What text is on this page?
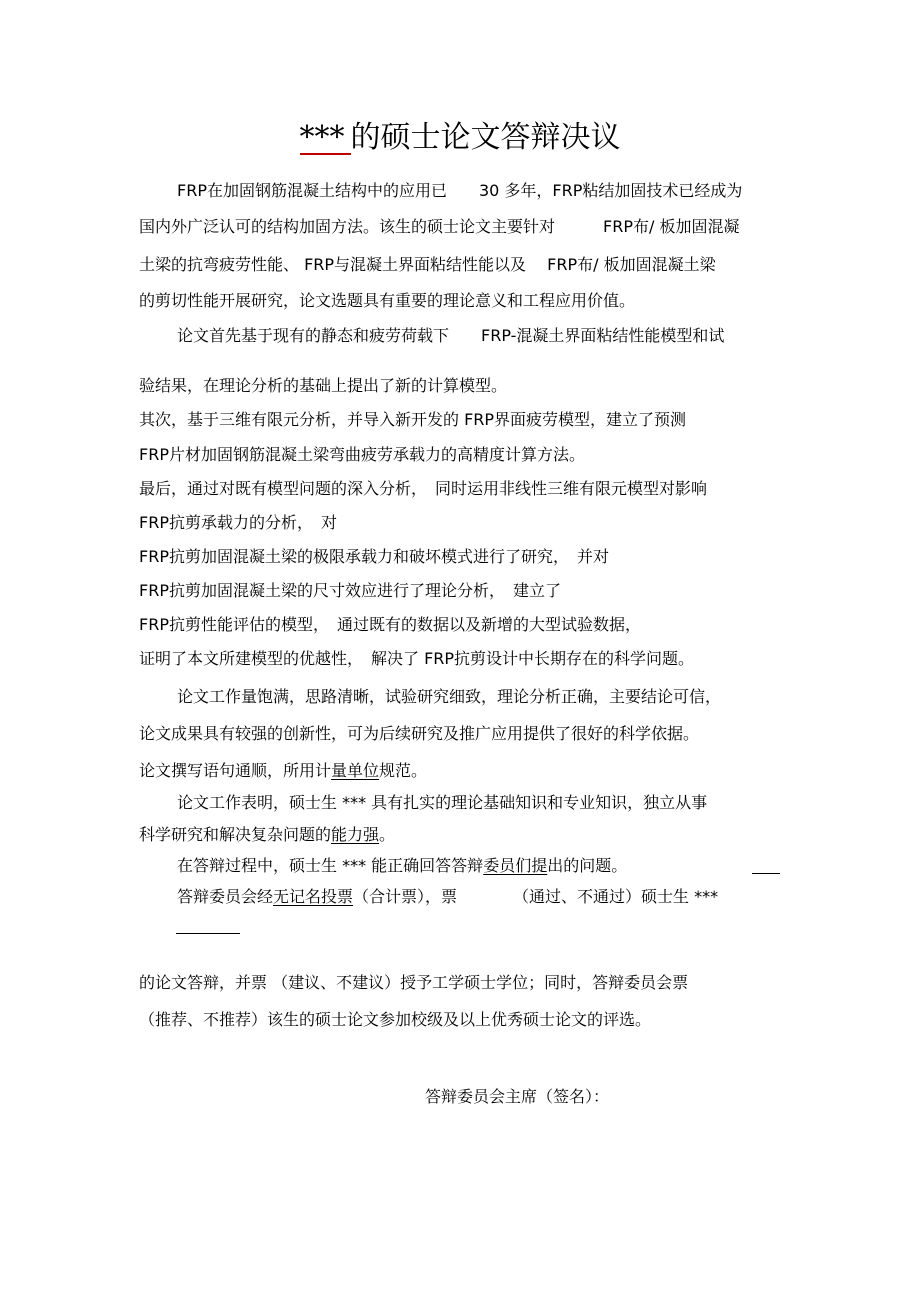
*** 的硕士论文答辩决议
FRP在加固钢筋混凝土结构中的应用已　　30 多年，FRP粘结加固技术已经成为
国内外广泛认可的结构加固方法。该生的硕士论文主要针对　　　FRP布/ 板加固混凝
土梁的抗弯疲劳性能、 FRP与混凝土界面粘结性能以及　 FRP布/ 板加固混凝土梁
的剪切性能开展研究，论文选题具有重要的理论意义和工程应用价值。
论文首先基于现有的静态和疲劳荷载下　　FRP-混凝土界面粘结性能模型和试
验结果，在理论分析的基础上提出了新的计算模型。
其次，基于三维有限元分析，并导入新开发的 FRP界面疲劳模型，建立了预测
FRP片材加固钢筋混凝土梁弯曲疲劳承载力的高精度计算方法。
最后，通过对既有模型问题的深入分析，　同时运用非线性三维有限元模型对影响
FRP抗剪承载力的分析，　对
FRP抗剪加固混凝土梁的极限承载力和破坏模式进行了研究，　并对
FRP抗剪加固混凝土梁的尺寸效应进行了理论分析，　建立了
FRP抗剪性能评估的模型，　通过既有的数据以及新增的大型试验数据，
证明了本文所建模型的优越性，　解决了 FRP抗剪设计中长期存在的科学问题。
论文工作量饱满，思路清晰，试验研究细致，理论分析正确，主要结论可信，
论文成果具有较强的创新性，可为后续研究及推广应用提供了很好的科学依据。
论文撰写语句通顺，所用计量单位规范。
论文工作表明，硕士生 *** 具有扎实的理论基础知识和专业知识，独立从事
科学研究和解决复杂问题的能力强。
在答辩过程中，硕士生 *** 能正确回答答辩委员们提出的问题。
答辩委员会经无记名投票（合计票），票　　　　（通过、不通过）硕士生 ***
的论文答辩，并票 （建议、不建议）授予工学硕士学位；同时，答辩委员会票
（推荐、不推荐）该生的硕士论文参加校级及以上优秀硕士论文的评选。
答辩委员会主席（签名）：
